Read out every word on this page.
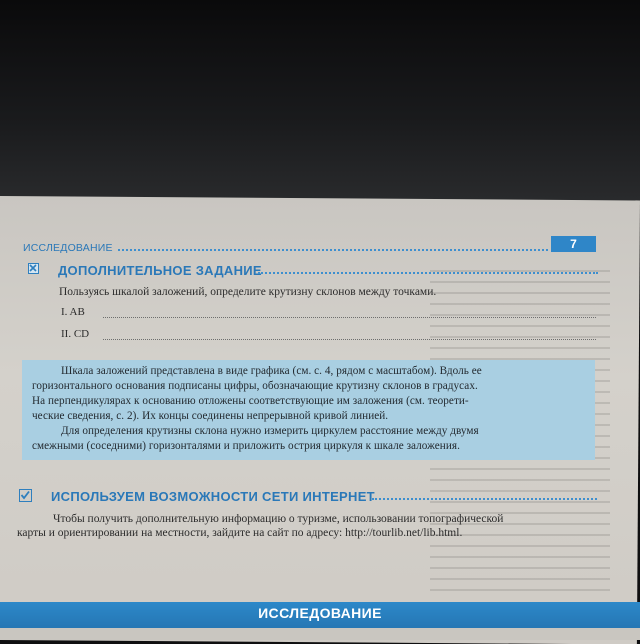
ИССЛЕДОВАНИЕ	7
ДОПОЛНИТЕЛЬНОЕ ЗАДАНИЕ
Пользуясь шкалой заложений, определите крутизну склонов между точками.
I. AB
II. CD
Шкала заложений представлена в виде графика (см. с. 4, рядом с масштабом). Вдоль ее
горизонтального основания подписаны цифры, обозначающие крутизну склонов в градусах.
На перпендикулярах к основанию отложены соответствующие им заложения (см. теорети-
ческие сведения, с. 2). Их концы соединены непрерывной кривой линией.
Для определения крутизны склона нужно измерить циркулем расстояние между двумя
смежными (соседними) горизонталями и приложить острия циркуля к шкале заложения.
ИСПОЛЬЗУЕМ ВОЗМОЖНОСТИ СЕТИ ИНТЕРНЕТ
Чтобы получить дополнительную информацию о туризме, использовании топографической
карты и ориентировании на местности, зайдите на сайт по адресу: http://tourlib.net/lib.html.
ИССЛЕДОВАНИЕ
